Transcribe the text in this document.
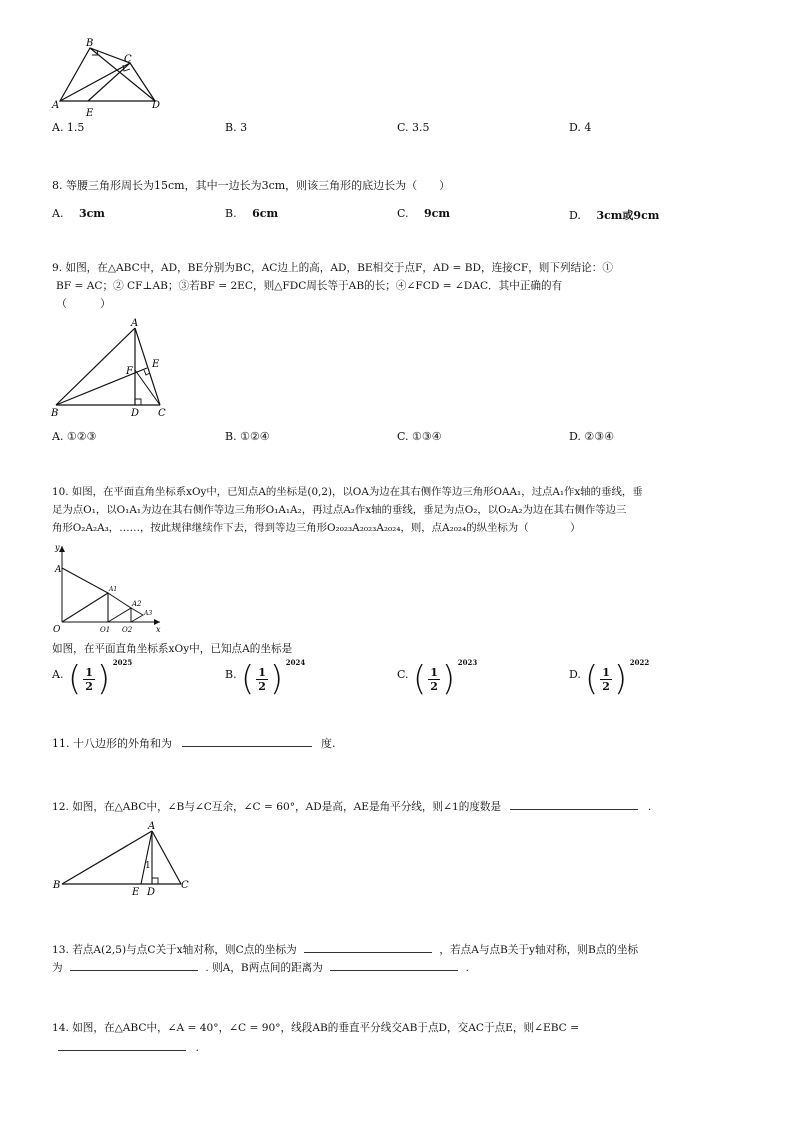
B
C
A
E
D
A. 1.5	B. 3	C. 3.5	D. 4
8. 等腰三角形周长为15cm，其中一边长为3cm，则该三角形的底边长为（　　）
A. 3cm	B. 6cm	C. 9cm	D. 3cm或9cm
9. 如图，在△ABC中，AD，BE分别为BC，AC边上的高，AD，BE相交于点F，AD = BD，连接CF，则下列结论：①
BF = AC；② CF⊥AB；③若BF = 2EC，则△FDC周长等于AB的长；④∠FCD = ∠DAC．其中正确的有
（　　　）
A
E
F
B	D C
A. ①②③	B. ①②④	C. ①③④	D. ②③④
10. 如图，在平面直角坐标系xOy中，已知点A的坐标是(0,2)，以OA为边在其右侧作等边三角形OAA₁，过点A₁作x轴的垂线，垂
足为点O₁，以O₁A₁为边在其右侧作等边三角形O₁A₁A₂，再过点A₂作x轴的垂线，垂足为点O₂，以O₂A₂为边在其右侧作等边三
角形O₂A₂A₃，……，按此规律继续作下去，得到等边三角形O₂₀₂₃A₂₀₂₃A₂₀₂₄，则，点A₂₀₂₄的纵坐标为（　　　　）
y
A
A1
A2
A3
O	O1 O2	x
如图，在平面直角坐标系xOy中，已知点A的坐标是
A. ( $\frac{1}{2}$ ) 2025
B. ( $\frac{1}{2}$ ) 2024
C. ( $\frac{1}{2}$ ) 2023
D. ( $\frac{1}{2}$ ) 2022
11. 十八边形的外角和为	度.
12. 如图，在△ABC中，∠B与∠C互余，∠C = 60°，AD是高，AE是角平分线，则∠1的度数是	.
A
1
B
E D
C
13. 若点A(2,5)与点C关于x轴对称，则C点的坐标为	，若点A与点B关于y轴对称，则B点的坐标
为	. 则A，B两点间的距离为	.
14. 如图，在△ABC中，∠A = 40°，∠C = 90°，线段AB的垂直平分线交AB于点D，交AC于点E，则∠EBC =
.
